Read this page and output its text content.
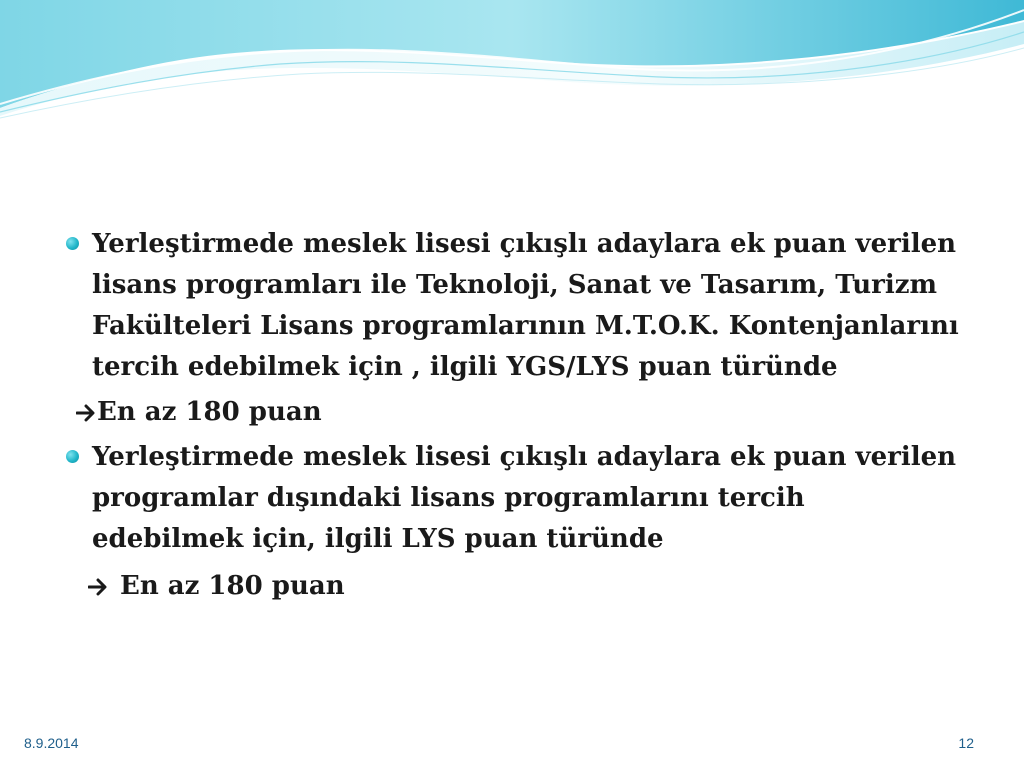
Yerleştirmede meslek lisesi çıkışlı adaylara ek puan verilen lisans programları ile Teknoloji, Sanat ve Tasarım, Turizm Fakülteleri Lisans programlarının M.T.O.K. Kontenjanlarını tercih edebilmek için , ilgili YGS/LYS puan türünde
En az 180 puan
Yerleştirmede meslek lisesi çıkışlı adaylara ek puan verilen programlar dışındaki lisans programlarını tercih edebilmek için, ilgili LYS puan türünde
En az 180 puan
8.9.2014	12
